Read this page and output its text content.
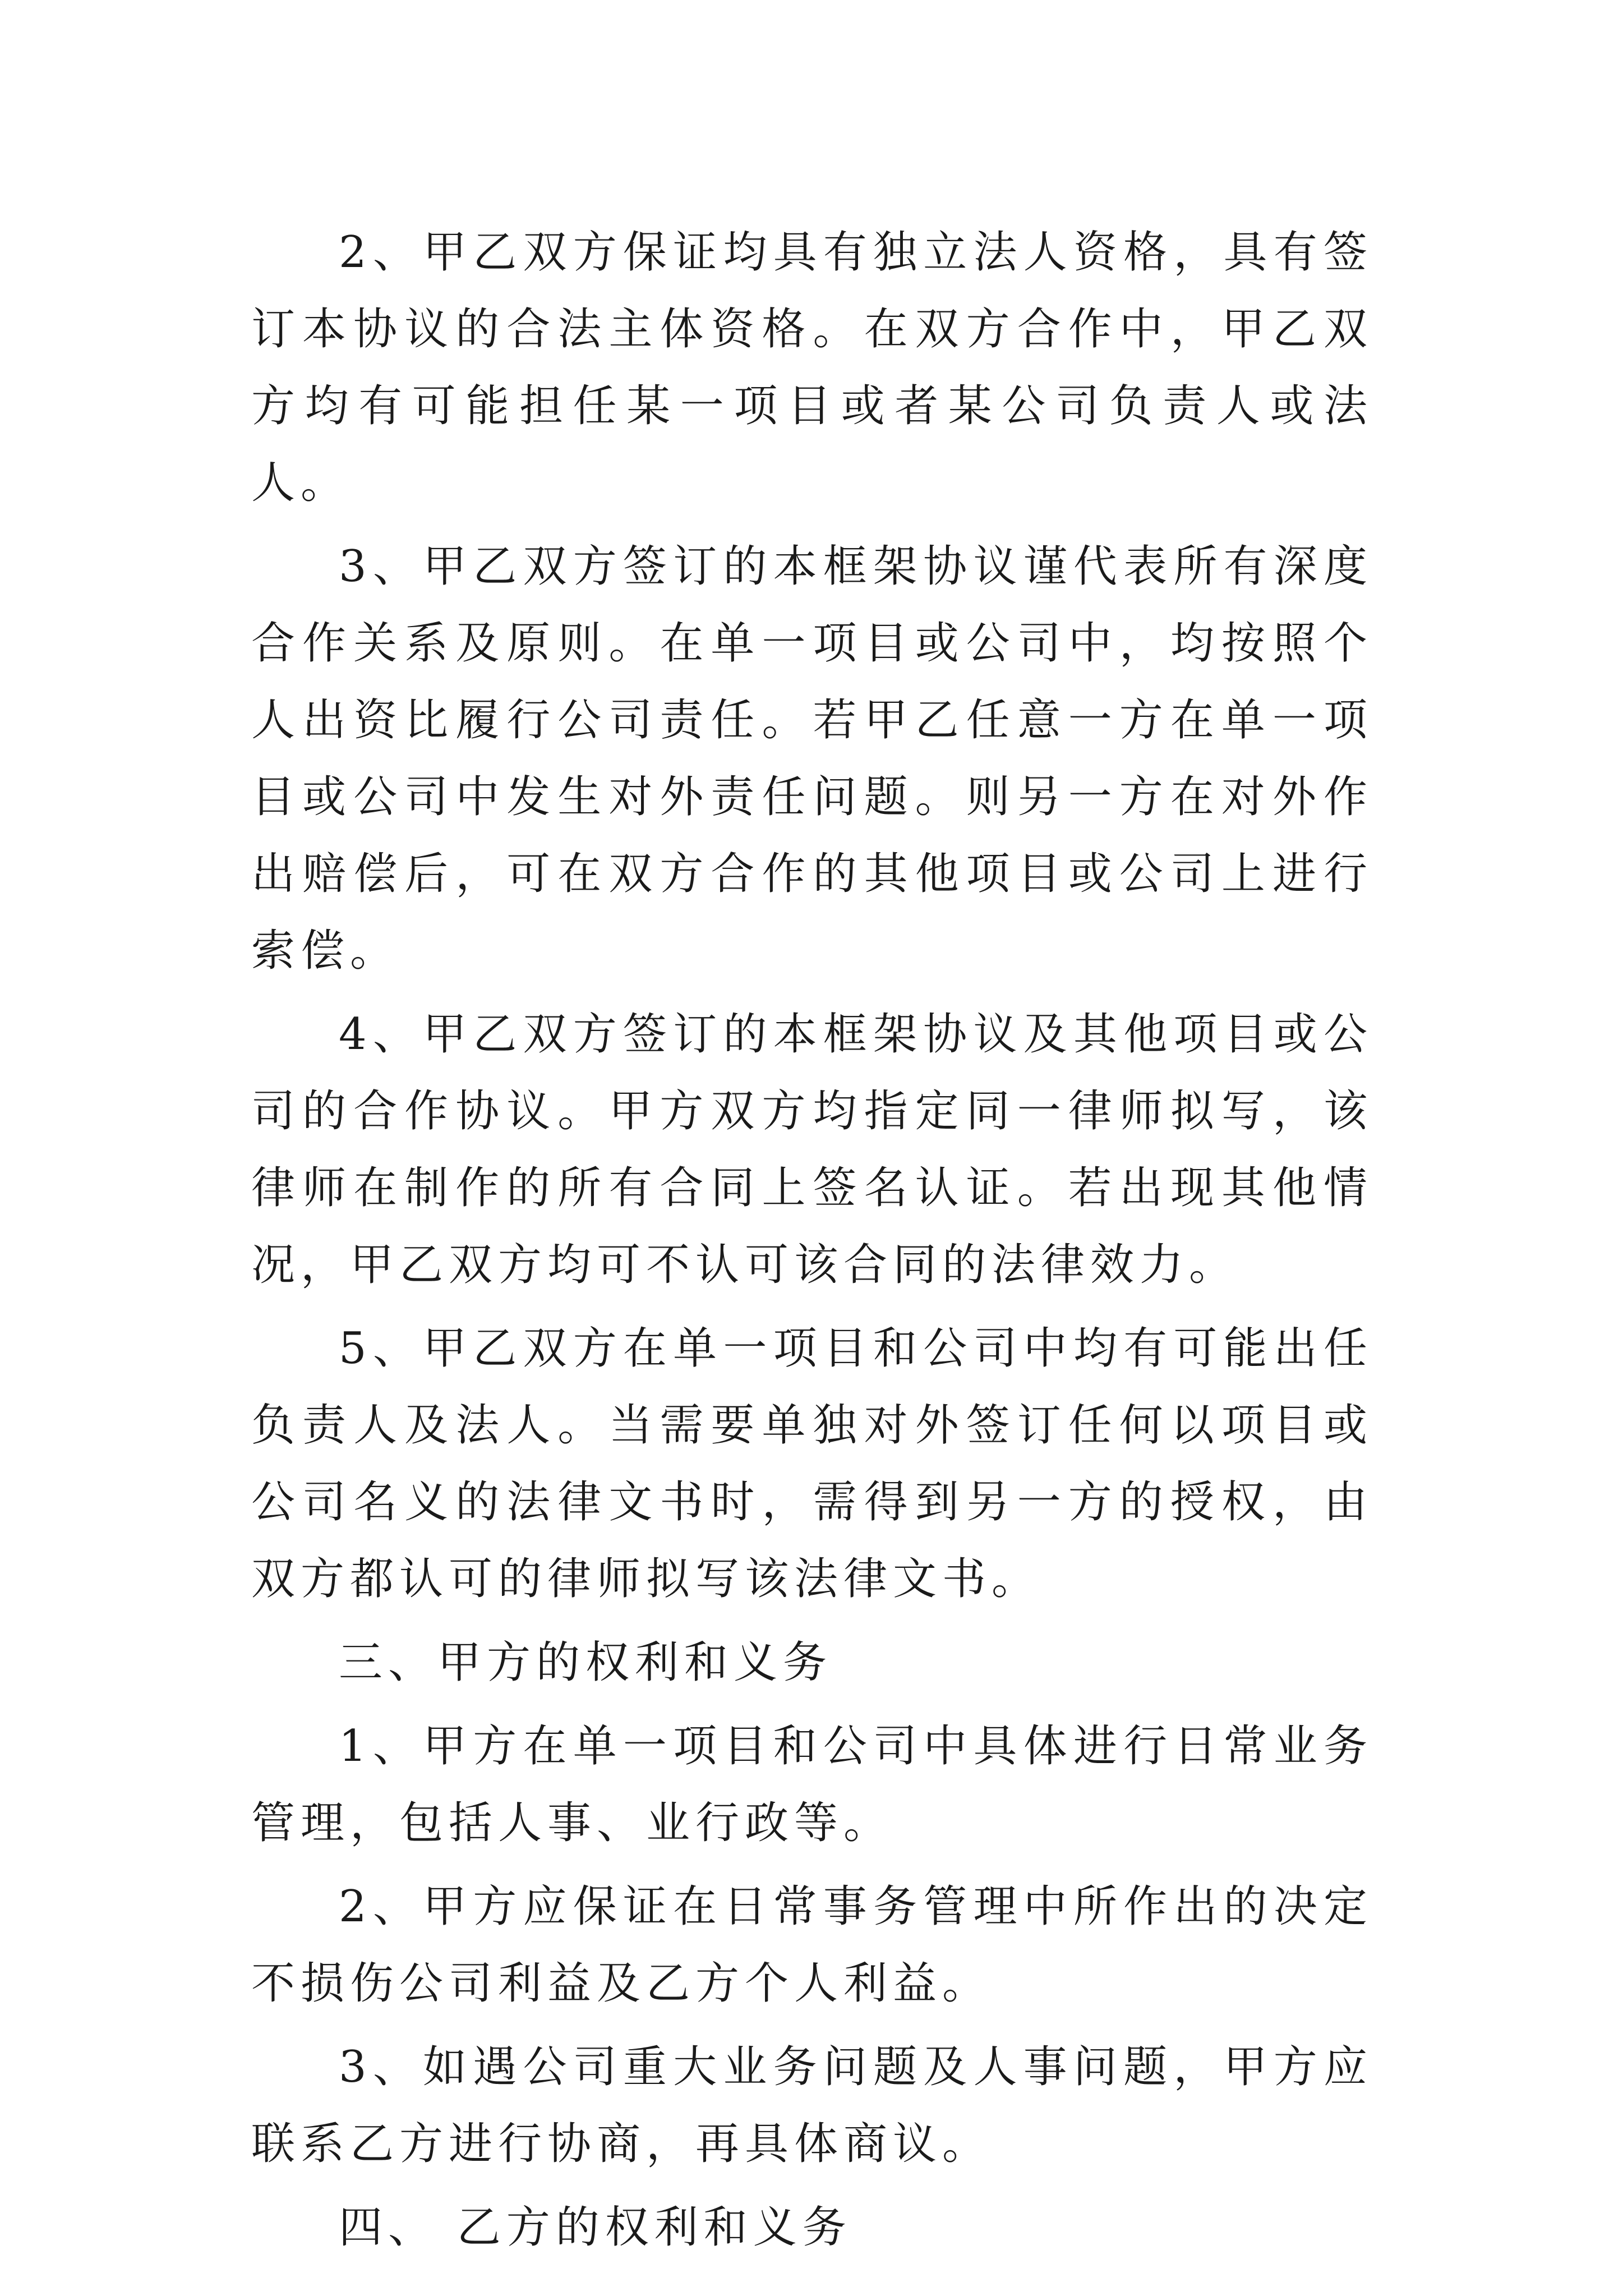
2、甲乙双方保证均具有独立法人资格，具有签订本协议的合法主体资格。在双方合作中，甲乙双方均有可能担任某一项目或者某公司负责人或法人。

3、甲乙双方签订的本框架协议谨代表所有深度合作关系及原则。在单一项目或公司中，均按照个人出资比履行公司责任。若甲乙任意一方在单一项目或公司中发生对外责任问题。则另一方在对外作出赔偿后，可在双方合作的其他项目或公司上进行索偿。

4、甲乙双方签订的本框架协议及其他项目或公司的合作协议。甲方双方均指定同一律师拟写，该律师在制作的所有合同上签名认证。若出现其他情况，甲乙双方均可不认可该合同的法律效力。

5、甲乙双方在单一项目和公司中均有可能出任负责人及法人。当需要单独对外签订任何以项目或公司名义的法律文书时，需得到另一方的授权，由双方都认可的律师拟写该法律文书。

三、甲方的权利和义务

1、甲方在单一项目和公司中具体进行日常业务管理，包括人事、业行政等。

2、甲方应保证在日常事务管理中所作出的决定不损伤公司利益及乙方个人利益。

3、如遇公司重大业务问题及人事问题，甲方应联系乙方进行协商，再具体商议。

四、 乙方的权利和义务
